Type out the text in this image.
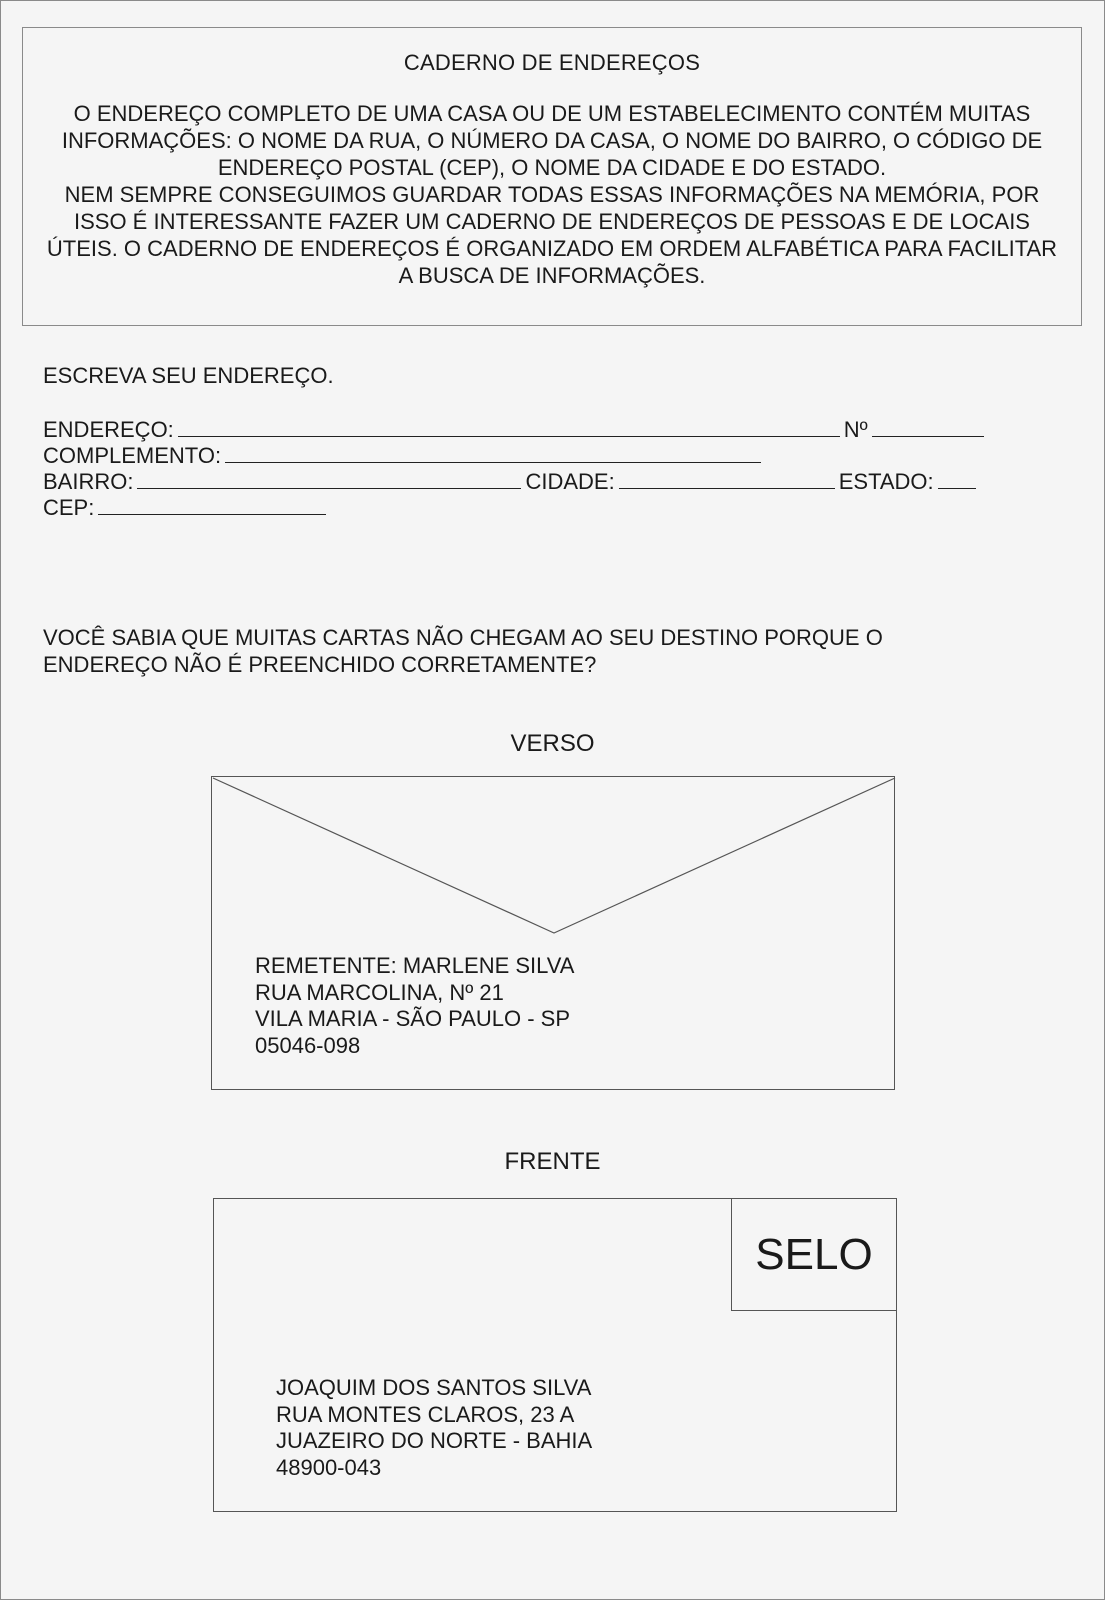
CADERNO DE ENDEREÇOS

O ENDEREÇO COMPLETO DE UMA CASA OU DE UM ESTABELECIMENTO CONTÉM MUITAS INFORMAÇÕES: O NOME DA RUA, O NÚMERO DA CASA, O NOME DO BAIRRO, O CÓDIGO DE ENDEREÇO POSTAL (CEP), O NOME DA CIDADE E DO ESTADO.

NEM SEMPRE CONSEGUIMOS GUARDAR TODAS ESSAS INFORMAÇÕES NA MEMÓRIA, POR ISSO É INTERESSANTE FAZER UM CADERNO DE ENDEREÇOS DE PESSOAS E DE LOCAIS ÚTEIS. O CADERNO DE ENDEREÇOS É ORGANIZADO EM ORDEM ALFABÉTICA PARA FACILITAR A BUSCA DE INFORMAÇÕES.

ESCREVA SEU ENDEREÇO.
ENDEREÇO:	Nº
COMPLEMENTO:
BAIRRO:	CIDADE:	ESTADO:
CEP:
VOCÊ SABIA QUE MUITAS CARTAS NÃO CHEGAM AO SEU DESTINO PORQUE O ENDEREÇO NÃO É PREENCHIDO CORRETAMENTE?
VERSO
REMETENTE: MARLENE SILVA
RUA MARCOLINA, Nº 21
VILA MARIA - SÃO PAULO - SP
05046-098
FRENTE
SELO
JOAQUIM DOS SANTOS SILVA
RUA MONTES CLAROS, 23 A
JUAZEIRO DO NORTE - BAHIA
48900-043
